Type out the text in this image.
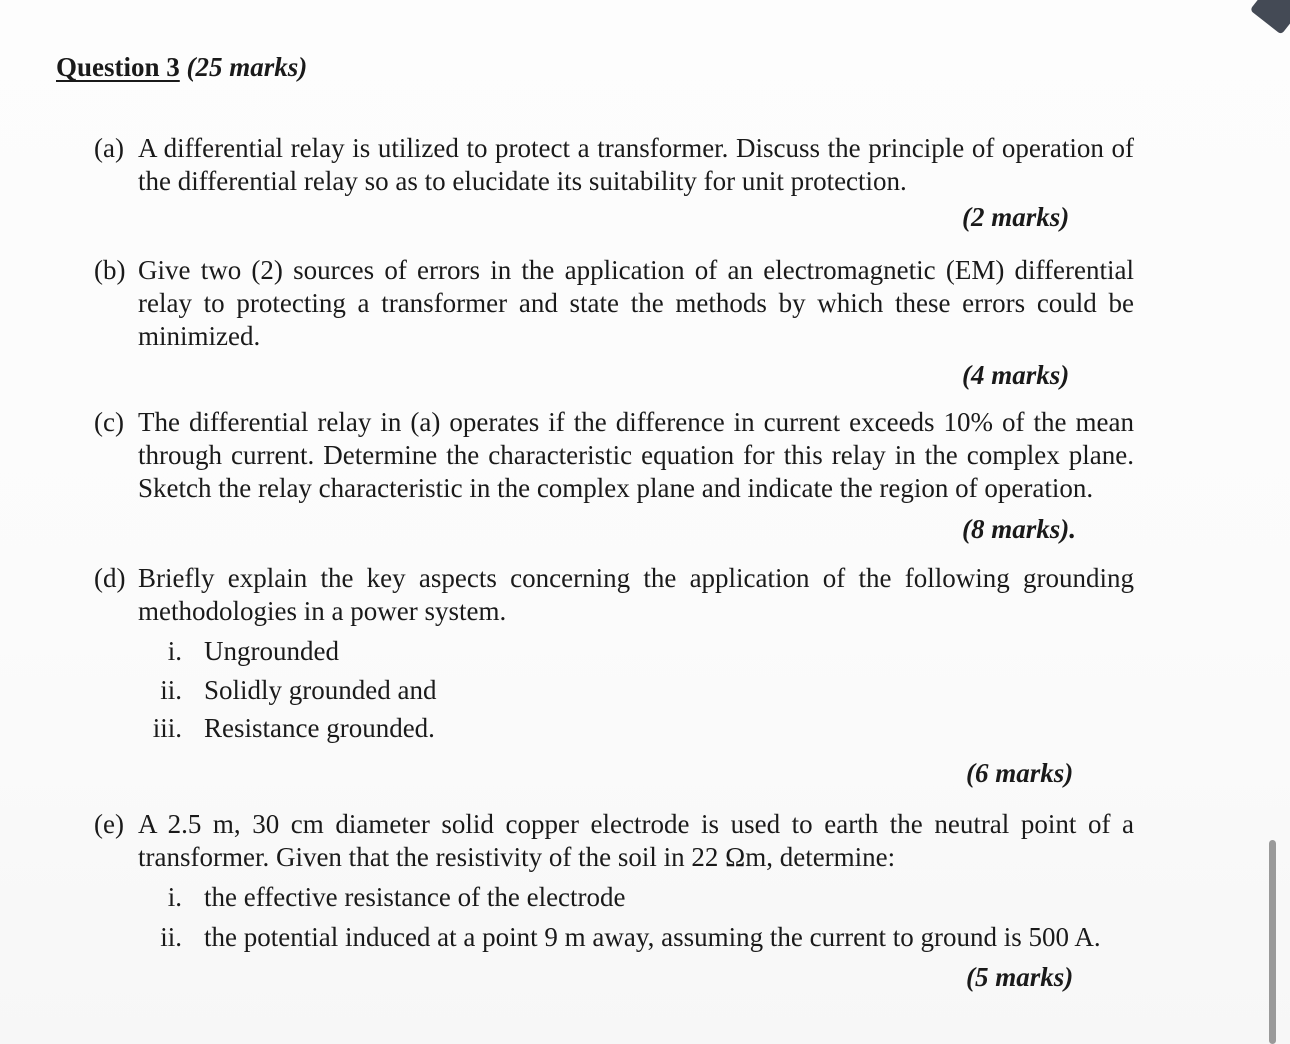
Question 3 (25 marks)
(a) A differential relay is utilized to protect a transformer. Discuss the principle of operation of the differential relay so as to elucidate its suitability for unit protection.
(2 marks)
(b) Give two (2) sources of errors in the application of an electromagnetic (EM) differential relay to protecting a transformer and state the methods by which these errors could be minimized.
(4 marks)
(c) The differential relay in (a) operates if the difference in current exceeds 10% of the mean through current. Determine the characteristic equation for this relay in the complex plane. Sketch the relay characteristic in the complex plane and indicate the region of operation.
(8 marks).
(d) Briefly explain the key aspects concerning the application of the following grounding methodologies in a power system.
i. Ungrounded
ii. Solidly grounded and
iii. Resistance grounded.
(6 marks)
(e) A 2.5 m, 30 cm diameter solid copper electrode is used to earth the neutral point of a transformer. Given that the resistivity of the soil in 22 Ωm, determine:
i. the effective resistance of the electrode
ii. the potential induced at a point 9 m away, assuming the current to ground is 500 A.
(5 marks)
